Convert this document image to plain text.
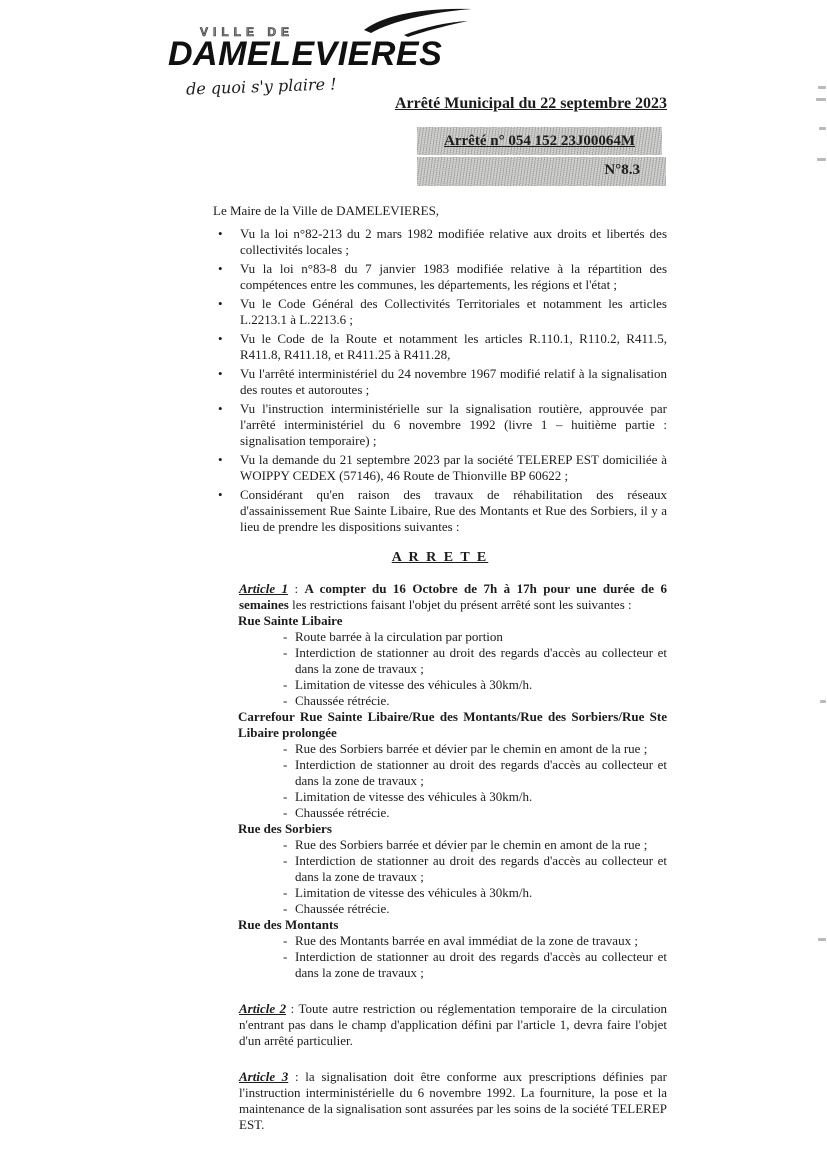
VILLE DE
DAMELEVIERES
de quoi s'y plaire !
Arrêté Municipal du 22 septembre 2023
Arrêté n° 054 152 23J00064M
N°8.3

Le Maire de la Ville de DAMELEVIERES,

• Vu la loi n°82-213 du 2 mars 1982 modifiée relative aux droits et libertés des collectivités locales ;
• Vu la loi n°83-8 du 7 janvier 1983 modifiée relative à la répartition des compétences entre les communes, les départements, les régions et l'état ;
• Vu le Code Général des Collectivités Territoriales et notamment les articles L.2213.1 à L.2213.6 ;
• Vu le Code de la Route et notamment les articles R.110.1, R110.2, R411.5, R411.8, R411.18, et R411.25 à R411.28,
• Vu l'arrêté interministériel du 24 novembre 1967 modifié relatif à la signalisation des routes et autoroutes ;
• Vu l'instruction interministérielle sur la signalisation routière, approuvée par l'arrêté interministériel du 6 novembre 1992 (livre 1 – huitième partie : signalisation temporaire) ;
• Vu la demande du 21 septembre 2023 par la société TELEREP EST domiciliée à WOIPPY CEDEX (57146), 46 Route de Thionville BP 60622 ;
• Considérant qu'en raison des travaux de réhabilitation des réseaux d'assainissement Rue Sainte Libaire, Rue des Montants et Rue des Sorbiers, il y a lieu de prendre les dispositions suivantes :
A R R E T E

Article 1 : A compter du 16 Octobre de 7h à 17h pour une durée de 6 semaines les restrictions faisant l'objet du présent arrêté sont les suivantes :

Rue Sainte Libaire
- Route barrée à la circulation par portion
- Interdiction de stationner au droit des regards d'accès au collecteur et dans la zone de travaux ;
- Limitation de vitesse des véhicules à 30km/h.
- Chaussée rétrécie.
Carrefour Rue Sainte Libaire/Rue des Montants/Rue des Sorbiers/Rue Ste Libaire prolongée
- Rue des Sorbiers barrée et dévier par le chemin en amont de la rue ;
- Interdiction de stationner au droit des regards d'accès au collecteur et dans la zone de travaux ;
- Limitation de vitesse des véhicules à 30km/h.
- Chaussée rétrécie.
Rue des Sorbiers
- Rue des Sorbiers barrée et dévier par le chemin en amont de la rue ;
- Interdiction de stationner au droit des regards d'accès au collecteur et dans la zone de travaux ;
- Limitation de vitesse des véhicules à 30km/h.
- Chaussée rétrécie.
Rue des Montants
- Rue des Montants barrée en aval immédiat de la zone de travaux ;
- Interdiction de stationner au droit des regards d'accès au collecteur et dans la zone de travaux ;

Article 2 : Toute autre restriction ou réglementation temporaire de la circulation n'entrant pas dans le champ d'application défini par l'article 1, devra faire l'objet d'un arrêté particulier.

Article 3 : la signalisation doit être conforme aux prescriptions définies par l'instruction interministérielle du 6 novembre 1992. La fourniture, la pose et la maintenance de la signalisation sont assurées par les soins de la société TELEREP EST.
